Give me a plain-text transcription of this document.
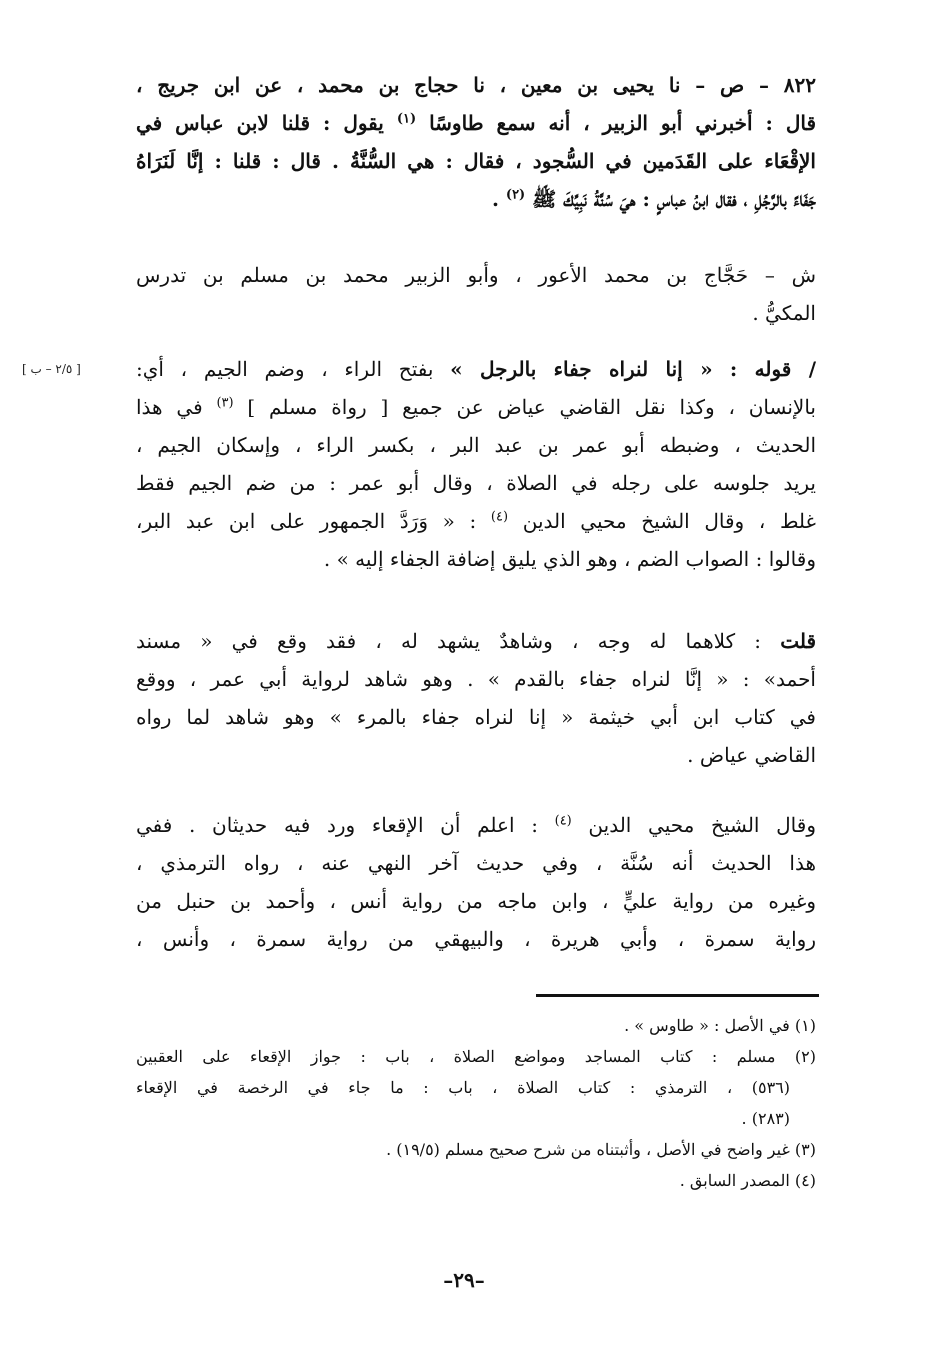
٨٢٢ – ص – نا يحيى بن معين ، نا حجاج بن محمد ، عن ابن جريج ،
قال : أخبرني أبو الزبير ، أنه سمع طاوسًا $^{(١)}$ يقول : قلنا لابن عباس في
الإقْعَاء على القَدَمين في السُّجود ، فقال : هي السُّنَّةُ . قال : قلنا : إنَّا لَنَرَاهُ
جَفَاءً بالرَّجُلِ ، فقال ابنُ عباسٍ : هيَ سُنَّةُ نَبِيِّكَ ﷺ $^{(٢)}$ .
ش – حَجَّاج بن محمد الأعور ، وأبو الزبير محمد بن مسلم بن تدرس
المكيُّ .
[ ٢/٥ – ب ]	/ قوله : « إنا لنراه جفاء بالرجل » بفتح الراء ، وضم الجيم ، أي:
بالإنسان ، وكذا نقل القاضي عياض عن جميع [ رواة مسلم ] $^{(٣)}$ في هذا
الحديث ، وضبطه أبو عمر بن عبد البر ، بكسر الراء ، وإسكان الجيم ،
يريد جلوسه على رجله في الصلاة ، وقال أبو عمر : من ضم الجيم فقط
غلط ، وقال الشيخ محيي الدين $^{(٤)}$ : « وَرَدَّ الجمهور على ابن عبد البر،
وقالوا : الصواب الضم ، وهو الذي يليق إضافة الجفاء إليه » .
قلت : كلاهما له وجه ، وشاهدٌ يشهد له ، فقد وقع في « مسند
أحمد» : « إنَّا لنراه جفاء بالقدم » . وهو شاهد لرواية أبي عمر ، ووقع
في كتاب ابن أبي خيثمة « إنا لنراه جفاء بالمرء » وهو شاهد لما رواه
القاضي عياض .
وقال الشيخ محيي الدين $^{(٤)}$ : اعلم أن الإقعاء ورد فيه حديثان . ففي
هذا الحديث أنه سُنَّة ، وفي حديث آخر النهي عنه ، رواه الترمذي ،
وغيره من رواية عليٍّ ، وابن ماجه من رواية أنس ، وأحمد بن حنبل من
رواية سمرة ، وأبي هريرة ، والبيهقي من رواية سمرة ، وأنس ،
(١) في الأصل : « طاوس » .
(٢) مسلم : كتاب المساجد ومواضع الصلاة ، باب : جواز الإقعاء على العقبين
(٥٣٦) ، الترمذي : كتاب الصلاة ، باب : ما جاء في الرخصة في الإقعاء
(٢٨٣) .
(٣) غير واضح في الأصل ، وأثبتناه من شرح صحيح مسلم (١٩/٥) .
(٤) المصدر السابق .
–٢٩–
